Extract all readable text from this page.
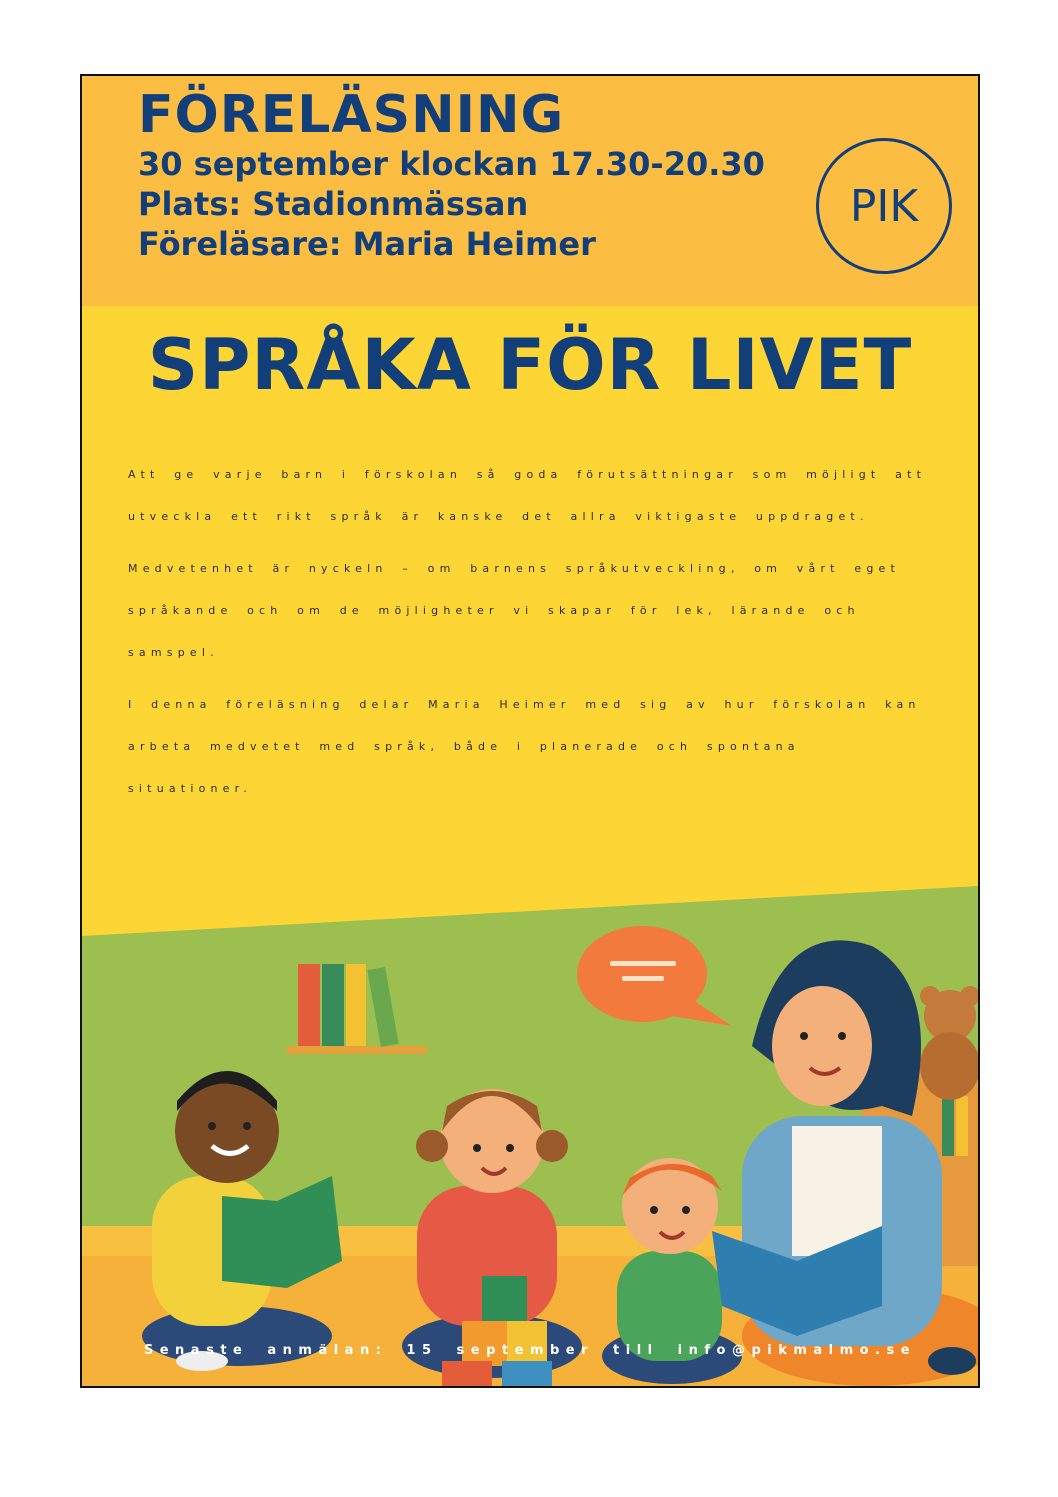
FÖRELÄSNING
30 september klockan 17.30-20.30
Plats: Stadionmässan
Föreläsare: Maria Heimer
PIK
SPRÅKA FÖR LIVET

Att ge varje barn i förskolan så goda förutsättningar som möjligt att utveckla ett rikt språk är kanske det allra viktigaste uppdraget.

Medvetenhet är nyckeln – om barnens språkutveckling, om vårt eget språkande och om de möjligheter vi skapar för lek, lärande och samspel.

I denna föreläsning delar Maria Heimer med sig av hur förskolan kan arbeta medvetet med språk, både i planerade och spontana situationer.

Senaste anmälan: 15 september till info@pikmalmo.se
